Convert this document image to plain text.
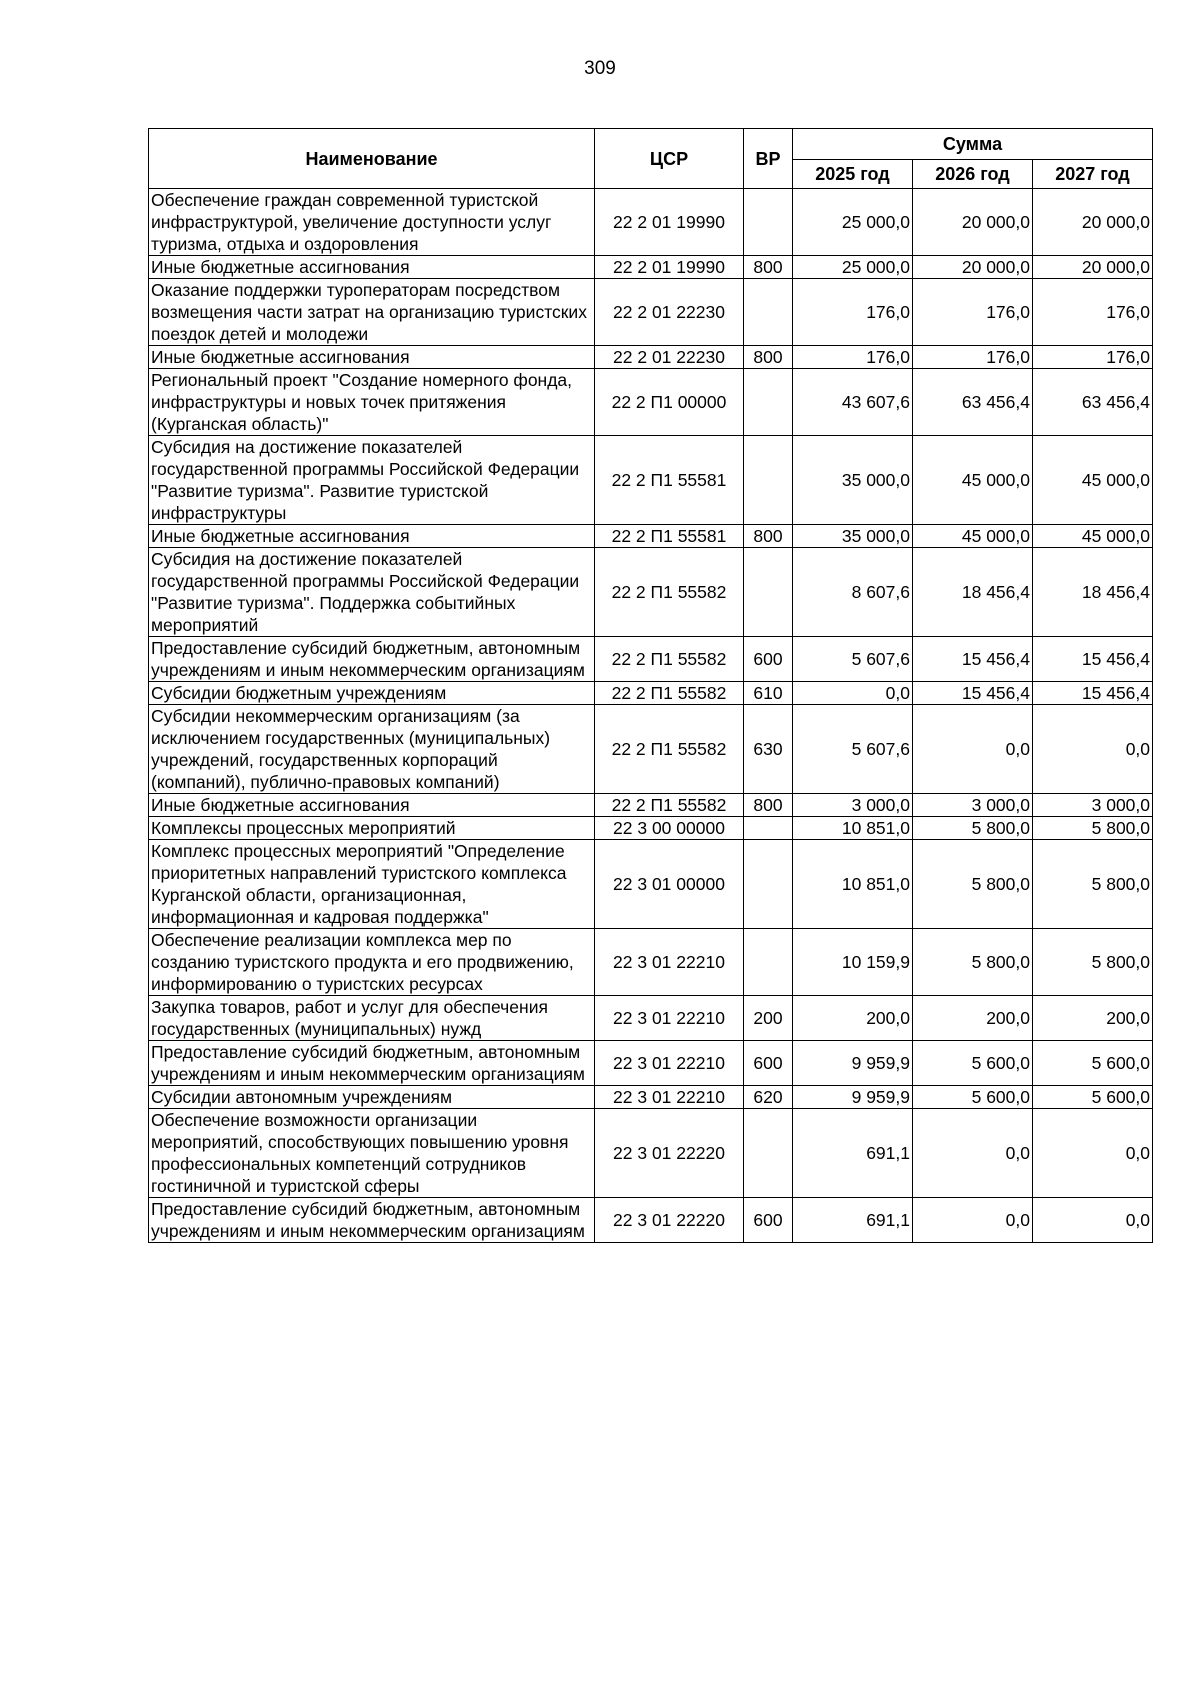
309
Наименование	ЦСР	ВР	Сумма		
			2025 год	2026 год	2027 год
Обеспечение граждан современной туристской инфраструктурой, увеличение доступности услуг туризма, отдыха и оздоровления	22 2 01 19990		25 000,0	20 000,0	20 000,0
Иные бюджетные ассигнования	22 2 01 19990	800	25 000,0	20 000,0	20 000,0
Оказание поддержки туроператорам посредством возмещения части затрат на организацию туристских поездок детей и молодежи	22 2 01 22230		176,0	176,0	176,0
Иные бюджетные ассигнования	22 2 01 22230	800	176,0	176,0	176,0
Региональный проект "Создание номерного фонда, инфраструктуры и новых точек притяжения (Курганская область)"	22 2 П1 00000		43 607,6	63 456,4	63 456,4
Субсидия на достижение показателей государственной программы Российской Федерации "Развитие туризма". Развитие туристской инфраструктуры	22 2 П1 55581		35 000,0	45 000,0	45 000,0
Иные бюджетные ассигнования	22 2 П1 55581	800	35 000,0	45 000,0	45 000,0
Субсидия на достижение показателей государственной программы Российской Федерации "Развитие туризма". Поддержка событийных мероприятий	22 2 П1 55582		8 607,6	18 456,4	18 456,4
Предоставление субсидий бюджетным, автономным учреждениям и иным некоммерческим организациям	22 2 П1 55582	600	5 607,6	15 456,4	15 456,4
Субсидии бюджетным учреждениям	22 2 П1 55582	610	0,0	15 456,4	15 456,4
Субсидии некоммерческим организациям (за исключением государственных (муниципальных) учреждений, государственных корпораций (компаний), публично-правовых компаний)	22 2 П1 55582	630	5 607,6	0,0	0,0
Иные бюджетные ассигнования	22 2 П1 55582	800	3 000,0	3 000,0	3 000,0
Комплексы процессных мероприятий	22 3 00 00000		10 851,0	5 800,0	5 800,0
Комплекс процессных мероприятий "Определение приоритетных направлений туристского комплекса Курганской области, организационная, информационная и кадровая поддержка"	22 3 01 00000		10 851,0	5 800,0	5 800,0
Обеспечение реализации комплекса мер по созданию туристского продукта и его продвижению, информированию о туристских ресурсах	22 3 01 22210		10 159,9	5 800,0	5 800,0
Закупка товаров, работ и услуг для обеспечения государственных (муниципальных) нужд	22 3 01 22210	200	200,0	200,0	200,0
Предоставление субсидий бюджетным, автономным учреждениям и иным некоммерческим организациям	22 3 01 22210	600	9 959,9	5 600,0	5 600,0
Субсидии автономным учреждениям	22 3 01 22210	620	9 959,9	5 600,0	5 600,0
Обеспечение возможности организации мероприятий, способствующих повышению уровня профессиональных компетенций сотрудников гостиничной и туристской сферы	22 3 01 22220		691,1	0,0	0,0
Предоставление субсидий бюджетным, автономным учреждениям и иным некоммерческим организациям	22 3 01 22220	600	691,1	0,0	0,0
